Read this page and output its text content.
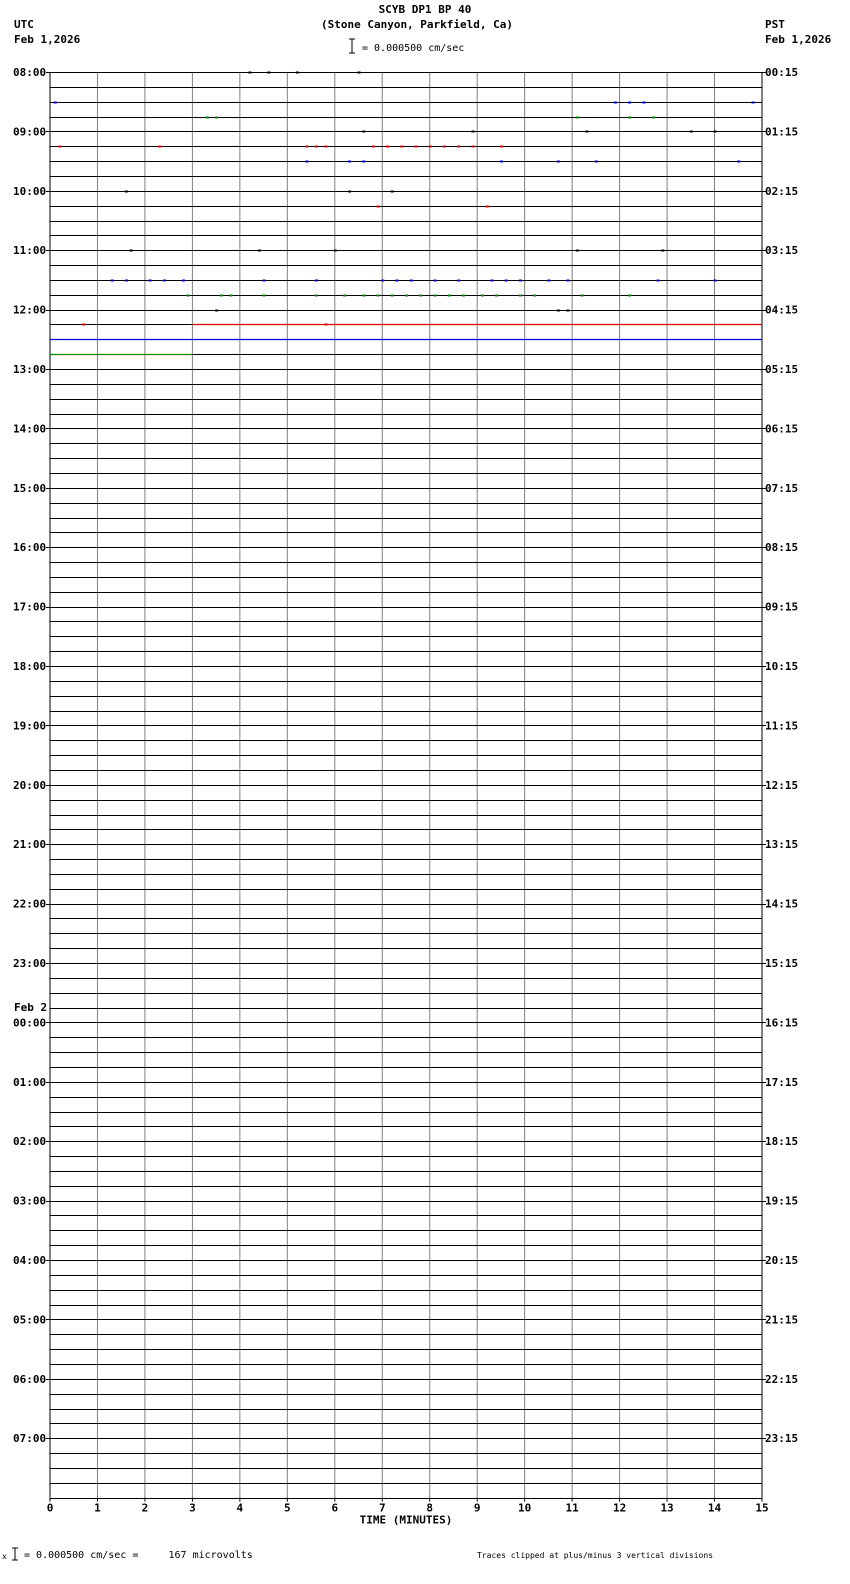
SCYB DP1 BP 40
(Stone Canyon, Parkfield, Ca)
UTC
Feb 1,2026
PST
Feb 1,2026
= 0.000500 cm/sec
Feb 2
08:00	00:15
09:00	01:15
10:00	02:15
11:00	03:15
12:00	04:15
13:00	05:15
14:00	06:15
15:00	07:15
16:00	08:15
17:00	09:15
18:00	10:15
19:00	11:15
20:00	12:15
21:00	13:15
22:00	14:15
23:00	15:15
00:00	16:15
01:00	17:15
02:00	18:15
03:00	19:15
04:00	20:15
05:00	21:15
06:00	22:15
07:00	23:15
0	1	2	3	4	5	6	7	8	9	10	11	12	13	14	15
TIME (MINUTES)
x = 0.000500 cm/sec =     167 microvolts	Traces clipped at plus/minus 3 vertical divisions
